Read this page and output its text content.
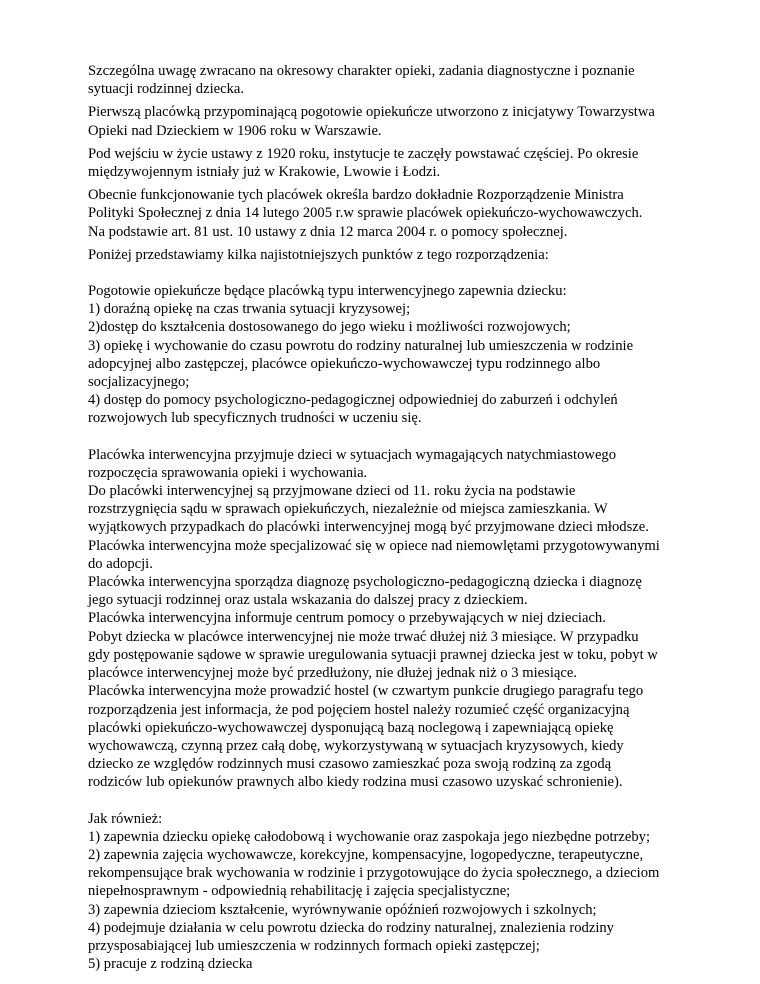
Szczególna uwagę zwracano na okresowy charakter opieki, zadania diagnostyczne i poznanie
sytuacji rodzinnej dziecka.

Pierwszą placówką przypominającą pogotowie opiekuńcze utworzono z inicjatywy Towarzystwa
Opieki nad Dzieckiem w 1906 roku w Warszawie.

Pod wejściu w życie ustawy z 1920 roku, instytucje te zaczęły powstawać częściej. Po okresie
międzywojennym istniały już w Krakowie, Lwowie i Łodzi.

Obecnie funkcjonowanie tych placówek określa bardzo dokładnie Rozporządzenie Ministra
Polityki Społecznej z dnia 14 lutego 2005 r.w sprawie placówek opiekuńczo-wychowawczych.
Na podstawie art. 81 ust. 10 ustawy z dnia 12 marca 2004 r. o pomocy społecznej.

Poniżej przedstawiamy kilka najistotniejszych punktów z tego rozporządzenia:

Pogotowie opiekuńcze będące placówką typu interwencyjnego zapewnia dziecku:
1) doraźną opiekę na czas trwania sytuacji kryzysowej;
2)dostęp do kształcenia dostosowanego do jego wieku i możliwości rozwojowych;
3) opiekę i wychowanie do czasu powrotu do rodziny naturalnej lub umieszczenia w rodzinie
adopcyjnej albo zastępczej, placówce opiekuńczo-wychowawczej typu rodzinnego albo
socjalizacyjnego;
4) dostęp do pomocy psychologiczno-pedagogicznej odpowiedniej do zaburzeń i odchyleń
rozwojowych lub specyficznych trudności w uczeniu się.
Placówka interwencyjna przyjmuje dzieci w sytuacjach wymagających natychmiastowego
rozpoczęcia sprawowania opieki i wychowania.
Do placówki interwencyjnej są przyjmowane dzieci od 11. roku życia na podstawie
rozstrzygnięcia sądu w sprawach opiekuńczych, niezależnie od miejsca zamieszkania. W
wyjątkowych przypadkach do placówki interwencyjnej mogą być przyjmowane dzieci młodsze.
Placówka interwencyjna może specjalizować się w opiece nad niemowlętami przygotowywanymi
do adopcji.
Placówka interwencyjna sporządza diagnozę psychologiczno-pedagogiczną dziecka i diagnozę
jego sytuacji rodzinnej oraz ustala wskazania do dalszej pracy z dzieckiem.
Placówka interwencyjna informuje centrum pomocy o przebywających w niej dzieciach.
Pobyt dziecka w placówce interwencyjnej nie może trwać dłużej niż 3 miesiące. W przypadku
gdy postępowanie sądowe w sprawie uregulowania sytuacji prawnej dziecka jest w toku, pobyt w
placówce interwencyjnej może być przedłużony, nie dłużej jednak niż o 3 miesiące.
Placówka interwencyjna może prowadzić hostel (w czwartym punkcie drugiego paragrafu tego
rozporządzenia jest informacja, że pod pojęciem hostel należy rozumieć część organizacyjną
placówki opiekuńczo-wychowawczej dysponującą bazą noclegową i zapewniającą opiekę
wychowawczą, czynną przez całą dobę, wykorzystywaną w sytuacjach kryzysowych, kiedy
dziecko ze względów rodzinnych musi czasowo zamieszkać poza swoją rodziną za zgodą
rodziców lub opiekunów prawnych albo kiedy rodzina musi czasowo uzyskać schronienie).
Jak również:
1) zapewnia dziecku opiekę całodobową i wychowanie oraz zaspokaja jego niezbędne potrzeby;
2) zapewnia zajęcia wychowawcze, korekcyjne, kompensacyjne, logopedyczne, terapeutyczne,
rekompensujące brak wychowania w rodzinie i przygotowujące do życia społecznego, a dzieciom
niepełnosprawnym - odpowiednią rehabilitację i zajęcia specjalistyczne;
3) zapewnia dzieciom kształcenie, wyrównywanie opóźnień rozwojowych i szkolnych;
4) podejmuje działania w celu powrotu dziecka do rodziny naturalnej, znalezienia rodziny
przysposabiającej lub umieszczenia w rodzinnych formach opieki zastępczej;
5) pracuje z rodziną dziecka
